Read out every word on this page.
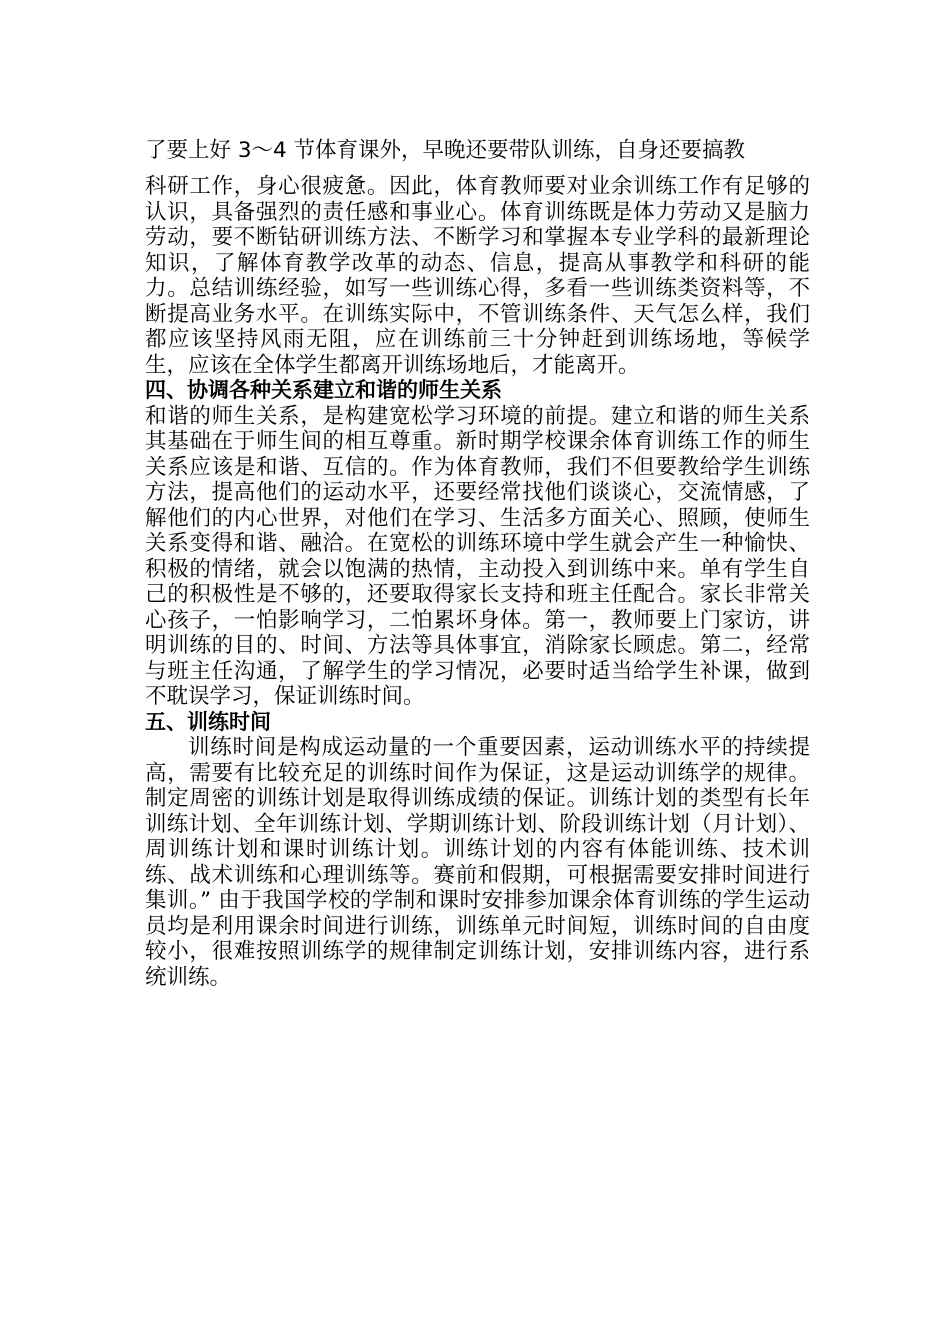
了要上好 3～4 节体育课外，早晚还要带队训练，自身还要搞教

科研工作，身心很疲惫。因此，体育教师要对业余训练工作有足够的认识，具备强烈的责任感和事业心。体育训练既是体力劳动又是脑力劳动，要不断钻研训练方法、不断学习和掌握本专业学科的最新理论知识，了解体育教学改革的动态、信息，提高从事教学和科研的能力。总结训练经验，如写一些训练心得，多看一些训练类资料等，不断提高业务水平。在训练实际中，不管训练条件、天气怎么样，我们都应该坚持风雨无阻，应在训练前三十分钟赶到训练场地，等候学生，应该在全体学生都离开训练场地后，才能离开。

四、协调各种关系建立和谐的师生关系

和谐的师生关系，是构建宽松学习环境的前提。建立和谐的师生关系其基础在于师生间的相互尊重。新时期学校课余体育训练工作的师生关系应该是和谐、互信的。作为体育教师，我们不但要教给学生训练方法，提高他们的运动水平，还要经常找他们谈谈心，交流情感，了解他们的内心世界，对他们在学习、生活多方面关心、照顾，使师生关系变得和谐、融洽。在宽松的训练环境中学生就会产生一种愉快、积极的情绪，就会以饱满的热情，主动投入到训练中来。单有学生自己的积极性是不够的，还要取得家长支持和班主任配合。家长非常关心孩子，一怕影响学习，二怕累坏身体。第一，教师要上门家访，讲明训练的目的、时间、方法等具体事宜，消除家长顾虑。第二，经常与班主任沟通，了解学生的学习情况，必要时适当给学生补课，做到不耽误学习，保证训练时间。

五、训练时间

训练时间是构成运动量的一个重要因素，运动训练水平的持续提高，需要有比较充足的训练时间作为保证，这是运动训练学的规律。制定周密的训练计划是取得训练成绩的保证。训练计划的类型有长年训练计划、全年训练计划、学期训练计划、阶段训练计划（月计划）、周训练计划和课时训练计划。训练计划的内容有体能训练、技术训练、战术训练和心理训练等。赛前和假期，可根据需要安排时间进行集训。” 由于我国学校的学制和课时安排参加课余体育训练的学生运动员均是利用课余时间进行训练，训练单元时间短，训练时间的自由度较小，很难按照训练学的规律制定训练计划，安排训练内容，进行系统训练。
